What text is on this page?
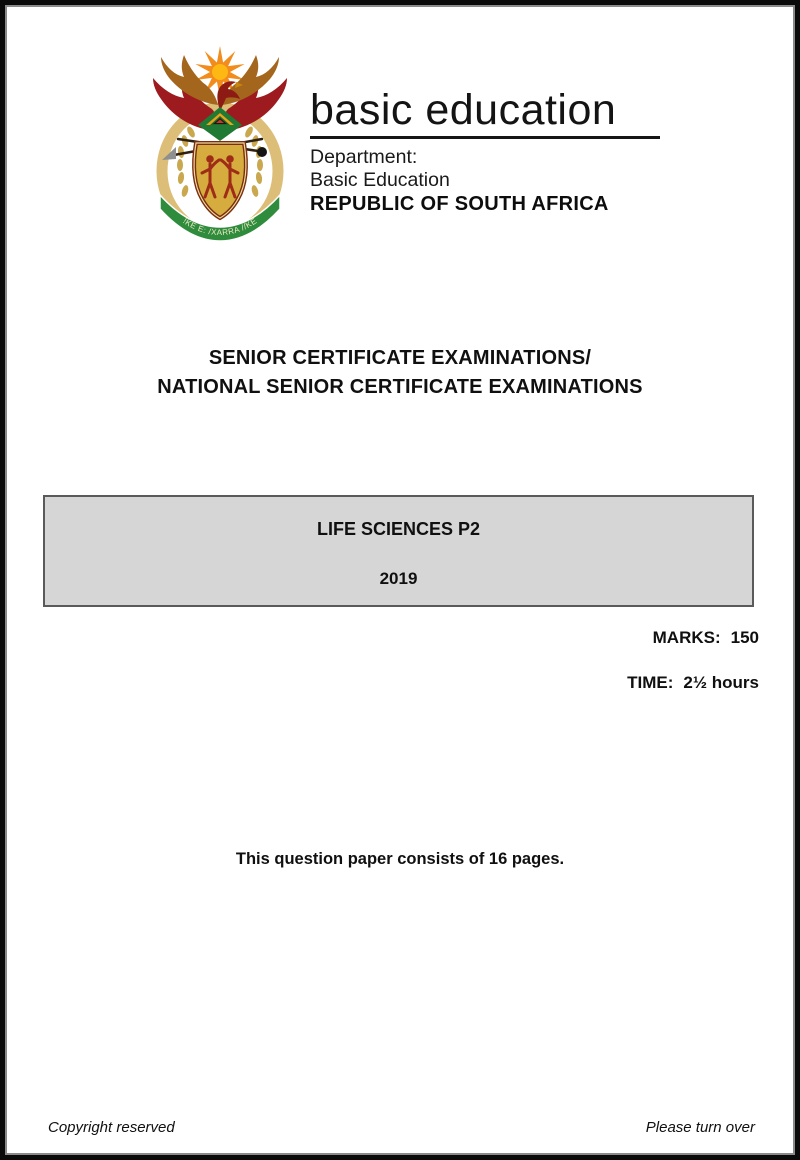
!KE E: /XARRA //KE
basic education
Department:
Basic Education
REPUBLIC OF SOUTH AFRICA
SENIOR CERTIFICATE EXAMINATIONS/
NATIONAL SENIOR CERTIFICATE EXAMINATIONS
LIFE SCIENCES P2
2019
MARKS: 150
TIME: 2½ hours
This question paper consists of 16 pages.
Copyright reserved	Please turn over
